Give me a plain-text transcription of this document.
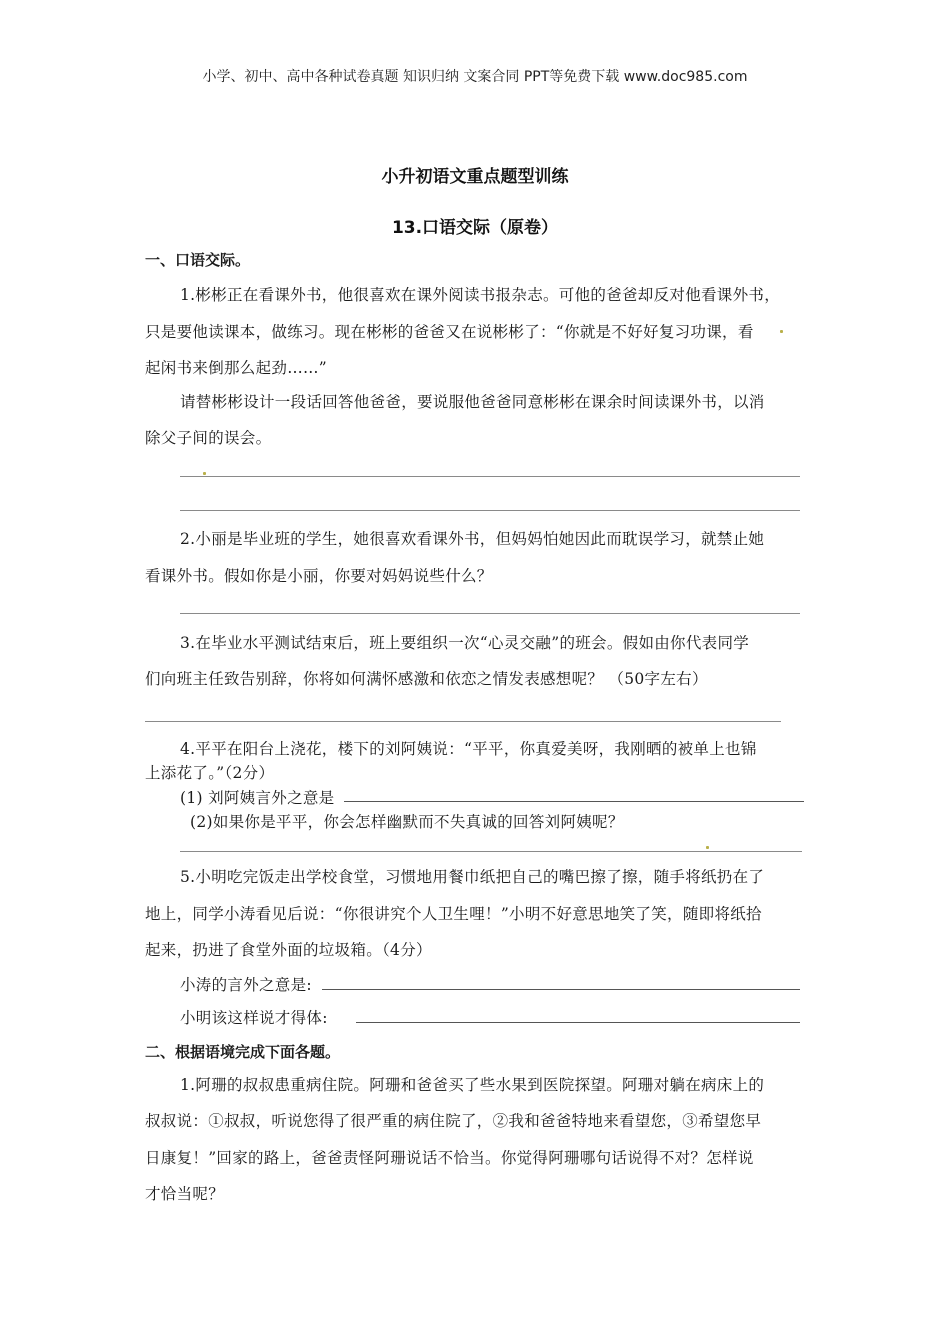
小学、初中、高中各种试卷真题 知识归纳 文案合同 PPT等免费下载 www.doc985.com
小升初语文重点题型训练
13.口语交际（原卷）
一、口语交际。
1.彬彬正在看课外书，他很喜欢在课外阅读书报杂志。可他的爸爸却反对他看课外书，
只是要他读课本，做练习。现在彬彬的爸爸又在说彬彬了：“你就是不好好复习功课，看
起闲书来倒那么起劲……”
请替彬彬设计一段话回答他爸爸，要说服他爸爸同意彬彬在课余时间读课外书，以消
除父子间的误会。
2.小丽是毕业班的学生，她很喜欢看课外书，但妈妈怕她因此而耽误学习，就禁止她
看课外书。假如你是小丽，你要对妈妈说些什么？
3.在毕业水平测试结束后，班上要组织一次“心灵交融”的班会。假如由你代表同学
们向班主任致告别辞，你将如何满怀感激和依恋之情发表感想呢？ （50字左右）
4.平平在阳台上浇花，楼下的刘阿姨说：“平平，你真爱美呀，我刚晒的被单上也锦
上添花了。”（2分）
(1) 刘阿姨言外之意是
(2)如果你是平平，你会怎样幽默而不失真诚的回答刘阿姨呢？
5.小明吃完饭走出学校食堂，习惯地用餐巾纸把自己的嘴巴擦了擦，随手将纸扔在了
地上，同学小涛看见后说：“你很讲究个人卫生哩！”小明不好意思地笑了笑，随即将纸拾
起来，扔进了食堂外面的垃圾箱。（4分）
小涛的言外之意是:
小明该这样说才得体:
二、根据语境完成下面各题。
1.阿珊的叔叔患重病住院。阿珊和爸爸买了些水果到医院探望。阿珊对躺在病床上的
叔叔说：①叔叔，听说您得了很严重的病住院了，②我和爸爸特地来看望您，③希望您早
日康复！”回家的路上，爸爸责怪阿珊说话不恰当。你觉得阿珊哪句话说得不对？怎样说
才恰当呢？
